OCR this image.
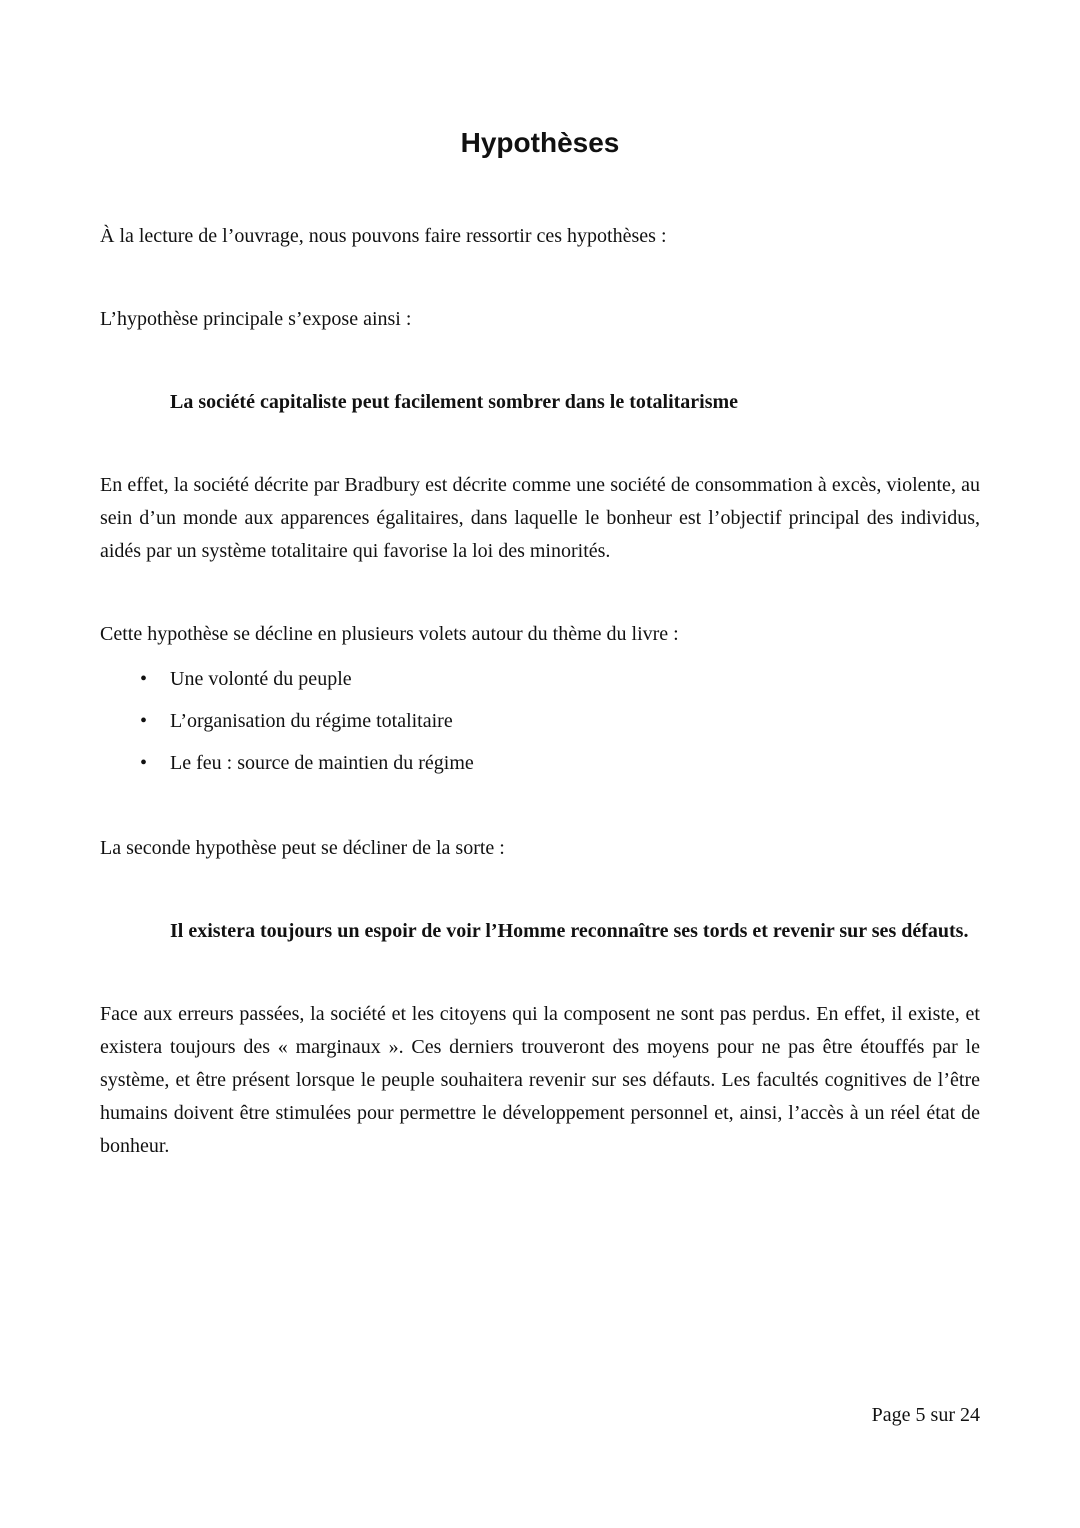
Hypothèses

À la lecture de l’ouvrage, nous pouvons faire ressortir ces hypothèses :

L’hypothèse principale s’expose ainsi :

La société capitaliste peut facilement sombrer dans le totalitarisme

En effet, la société décrite par Bradbury est décrite comme une société de consommation à excès, violente, au sein d’un monde aux apparences égalitaires, dans laquelle le bonheur est l’objectif principal des individus, aidés par un système totalitaire qui favorise la loi des minorités.

Cette hypothèse se décline en plusieurs volets autour du thème du livre :

• Une volonté du peuple
• L’organisation du régime totalitaire
• Le feu : source de maintien du régime

La seconde hypothèse peut se décliner de la sorte :

Il existera toujours un espoir de voir l’Homme reconnaître ses tords et revenir sur ses défauts.

Face aux erreurs passées, la société et les citoyens qui la composent ne sont pas perdus. En effet, il existe, et existera toujours des « marginaux ». Ces derniers trouveront des moyens pour ne pas être étouffés par le système, et être présent lorsque le peuple souhaitera revenir sur ses défauts. Les facultés cognitives de l’être humains doivent être stimulées pour permettre le développement personnel et, ainsi, l’accès à un réel état de bonheur.

Page 5 sur 24
